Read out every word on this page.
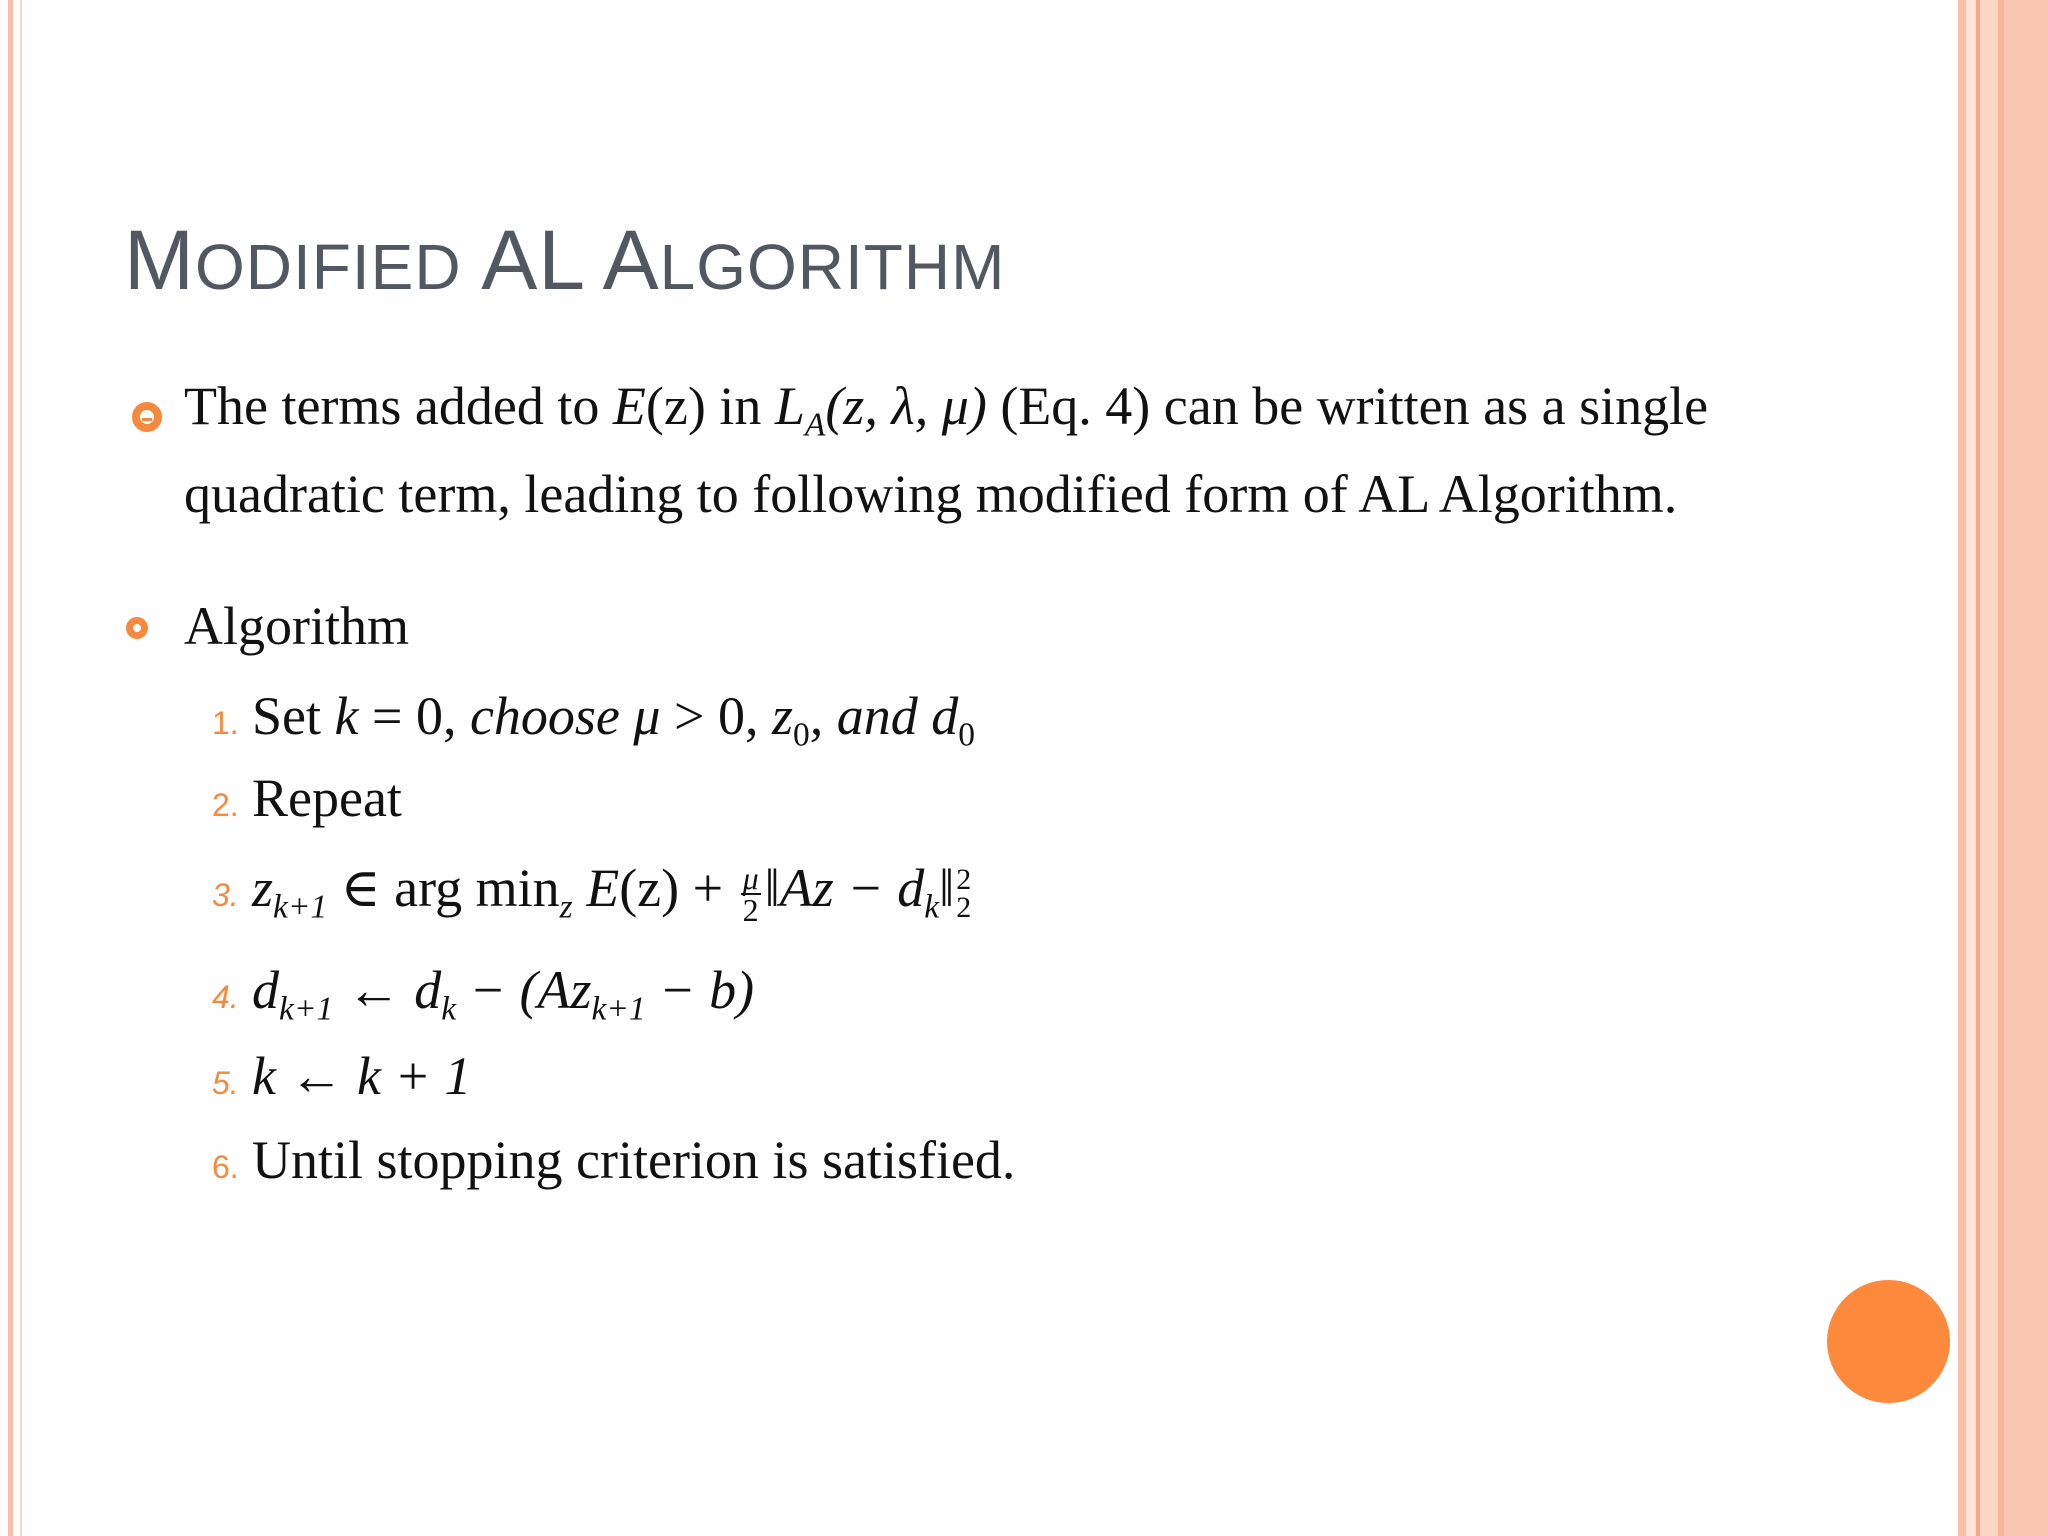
MODIFIED AL ALGORITHM
The terms added to E(z) in $L_A(z$, λ, μ) (Eq. 4) can be written as a single quadratic term, leading to following modified form of AL Algorithm.
Algorithm
1. Set k = 0, choose μ > 0, $z_0$, and $d_0$
2. Repeat
3. $z_{k+1}$ ∈ arg $\min_z E(z) + \frac{\mu}{2}$ ‖Az − $d_k‖$ 2
2
4. $d_{k+1}$ ← $d_k - (Az_{k+1} - b)$
5. k ← k + 1
6. Until stopping criterion is satisfied.
